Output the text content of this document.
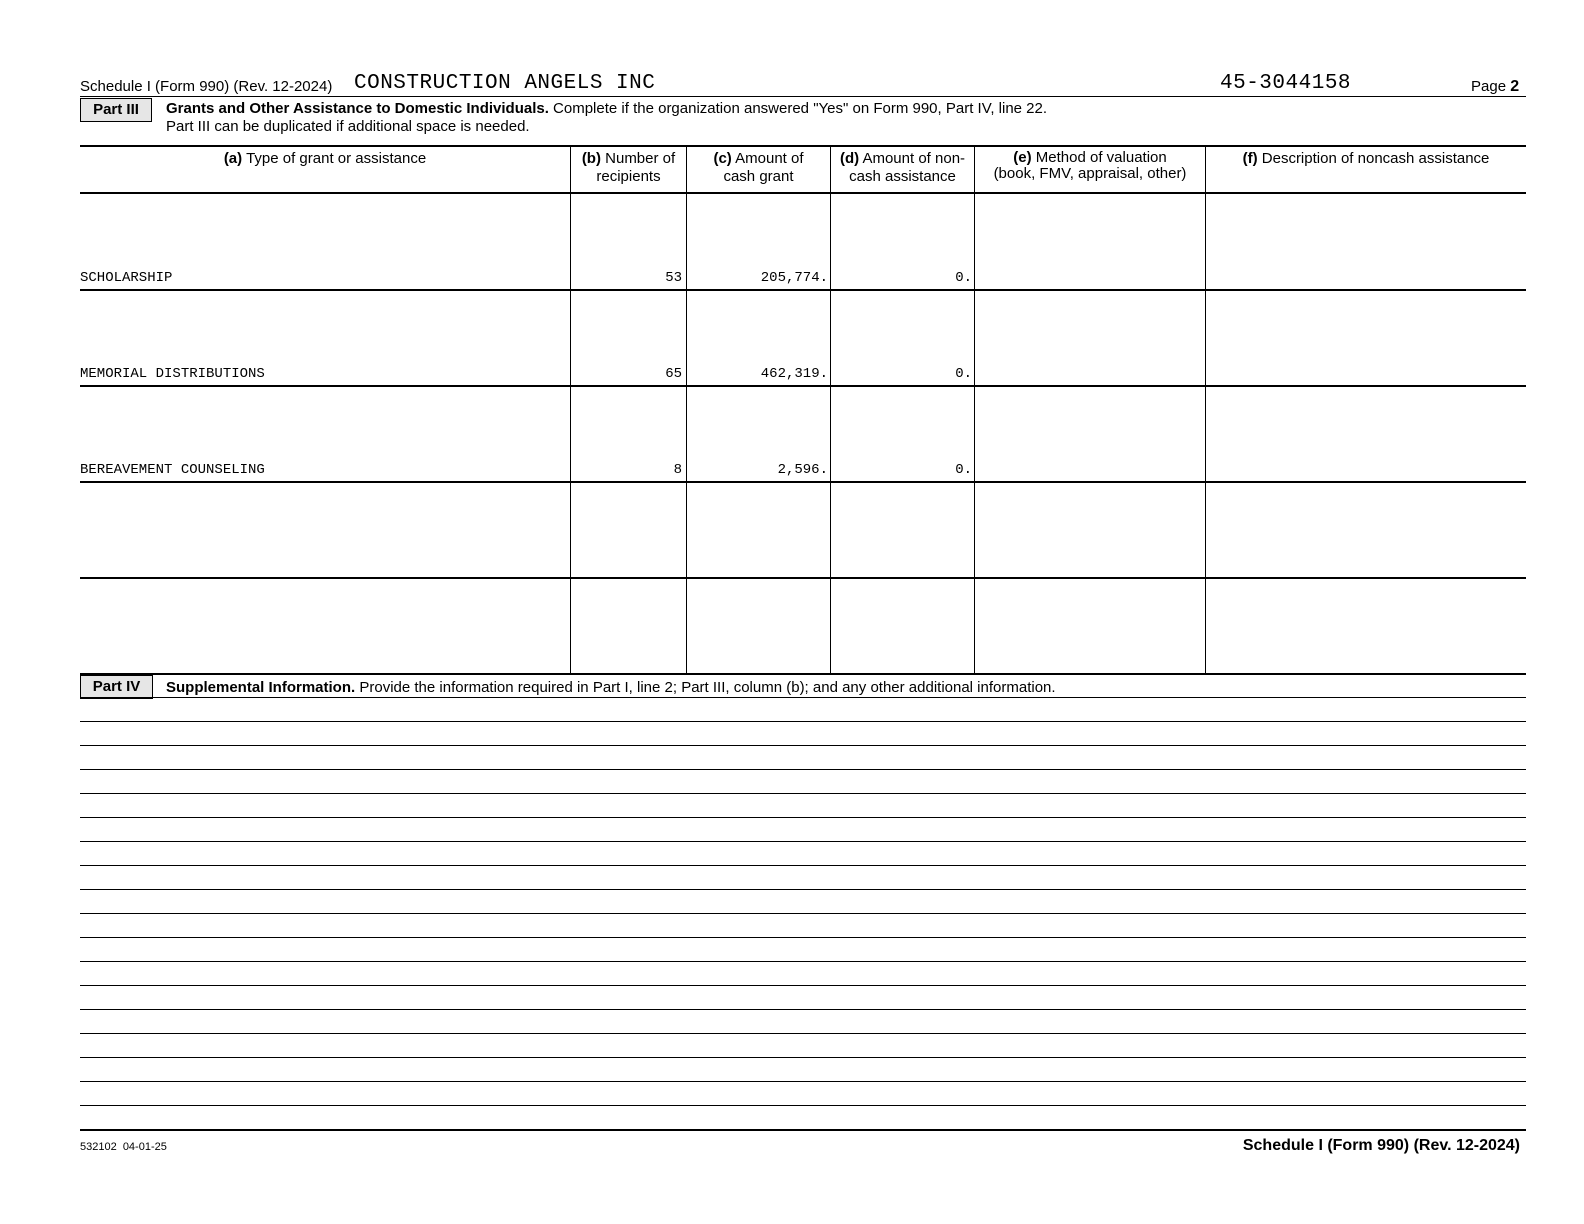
Schedule I (Form 990) (Rev. 12-2024) CONSTRUCTION ANGELS INC	45-3044158	Page 2
Part III	Grants and Other Assistance to Domestic Individuals. Complete if the organization answered "Yes" on Form 990, Part IV, line 22.
Part III can be duplicated if additional space is needed.
(a) Type of grant or assistance	(b) Number of
recipients
(c) Amount of
cash grant
(d) Amount of non-
cash assistance
(e) Method of valuation
(book, FMV, appraisal, other)
(f) Description of noncash assistance
SCHOLARSHIP	53	205,774.	0.
MEMORIAL DISTRIBUTIONS	65	462,319.	0.
BEREAVEMENT COUNSELING	8	2,596.	0.
Part IV	Supplemental Information. Provide the information required in Part I, line 2; Part III, column (b); and any other additional information.
532102  04-01-25	Schedule I (Form 990) (Rev. 12-2024)
